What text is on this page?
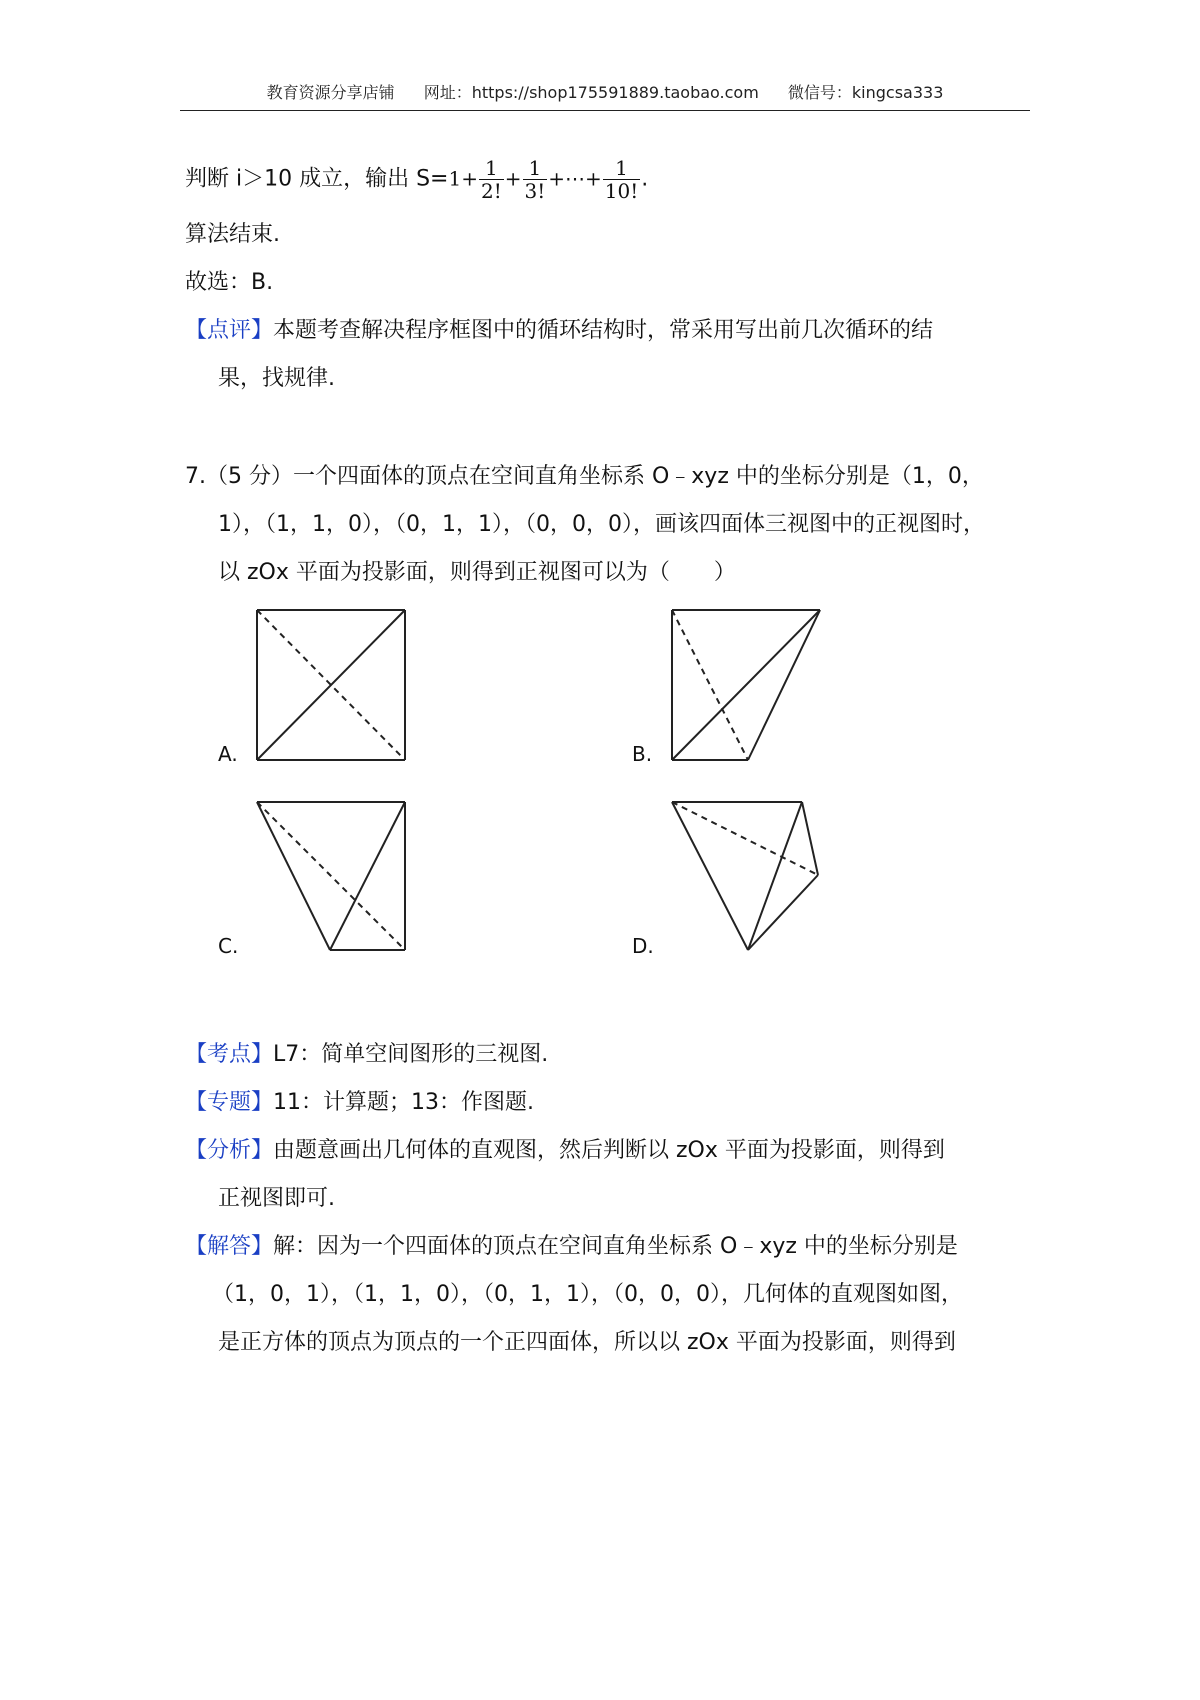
教育资源分享店铺 网址：https://shop175591889.taobao.com 微信号：kingcsa333
判断 i＞10 成立，输出 $S=1+ \frac{1}{2!} + \frac{1}{3!}$ +⋯+ $\frac{1}{10!}$ .
算法结束.
故选：B.
【点评】本题考查解决程序框图中的循环结构时，常采用写出前几次循环的结
果，找规律.
7.（5 分）一个四面体的顶点在空间直角坐标系 O﹣xyz 中的坐标分别是（1，0，
1），（1，1，0），（0，1，1），（0，0，0），画该四面体三视图中的正视图时，
以 zOx 平面为投影面，则得到正视图可以为（　　）
A.	B.
C.	D.
【考点】L7：简单空间图形的三视图.
【专题】11：计算题；13：作图题.
【分析】由题意画出几何体的直观图，然后判断以 zOx 平面为投影面，则得到
正视图即可.
【解答】解：因为一个四面体的顶点在空间直角坐标系 O﹣xyz 中的坐标分别是
（1，0，1），（1，1，0），（0，1，1），（0，0，0），几何体的直观图如图，
是正方体的顶点为顶点的一个正四面体，所以以 zOx 平面为投影面，则得到
